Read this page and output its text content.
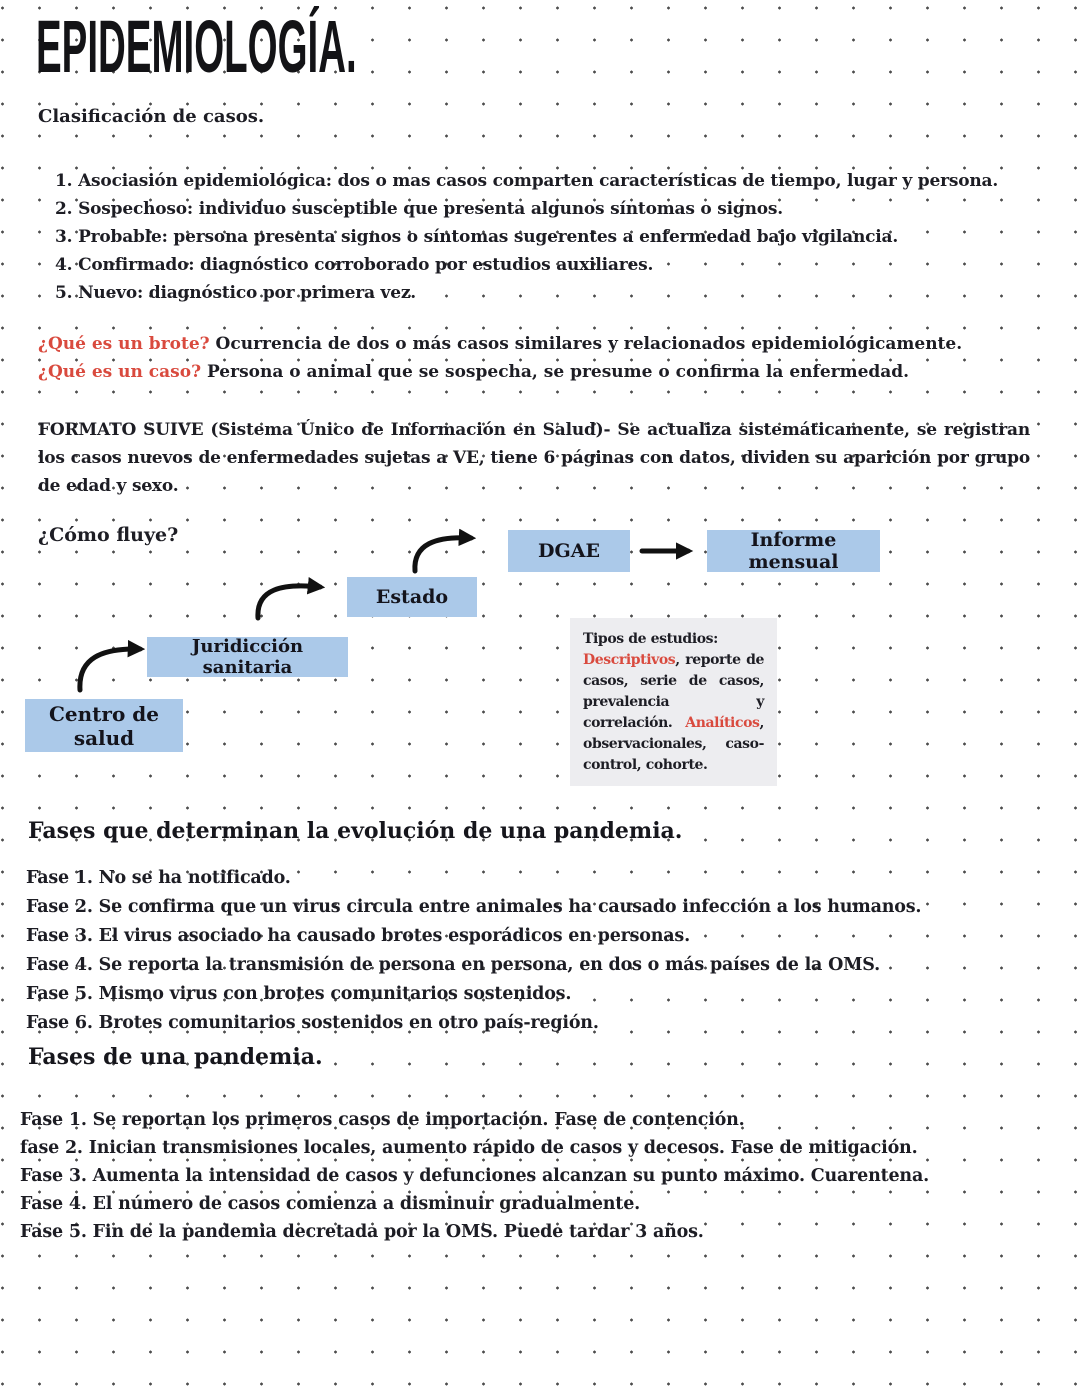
EPIDEMIOLOGÍA.
Clasificación de casos.
1. Asociasión epidemiológica: dos o mas casos comparten características de tiempo, lugar y persona.
2. Sospechoso: individuo susceptible que presenta algunos síntomas o signos.
3. Probable: persona presenta signos o síntomas sugerentes a enfermedad bajo vigilancia.
4. Confirmado: diagnóstico corroborado por estudios auxiliares.
5. Nuevo: diagnóstico por primera vez.
¿Qué es un brote? Ocurrencia de dos o más casos similares y relacionados epidemiológicamente.
¿Qué es un caso? Persona o animal que se sospecha, se presume o confirma la enfermedad.
FORMATO SUIVE (Sistema Único de Información en Salud)- Se actualiza sistemáticamente, se registran los casos nuevos de enfermedades sujetas a VE, tiene 6 páginas con datos, dividen su aparición por grupo de edad y sexo.
¿Cómo fluye?
Centro de salud
Juridicción sanitaria
Estado
DGAE	Informe mensual
Tipos de estudios:
Descriptivos, reporte de casos, serie de casos, prevalencia y correlación. Analíticos, observacionales, caso-control, cohorte.
Fases que determinan la evolución de una pandemia.
Fase 1. No se ha notificado.
Fase 2. Se confirma que un virus circula entre animales ha causado infección a los humanos.
Fase 3. El virus asociado ha causado brotes esporádicos en personas.
Fase 4. Se reporta la transmisión de persona en persona, en dos o más países de la OMS.
Fase 5. Mismo virus con brotes comunitarios sostenidos.
Fase 6. Brotes comunitarios sostenidos en otro país-región.
Fases de una pandemia.
Fase 1. Se reportan los primeros casos de importación. Fase de contención.
fase 2. Inician transmisiones locales, aumento rápido de casos y decesos. Fase de mitigación.
Fase 3. Aumenta la intensidad de casos y defunciones alcanzan su punto máximo. Cuarentena.
Fase 4. El número de casos comienza a disminuir gradualmente.
Fase 5. Fin de la pandemia decretada por la OMS. Puede tardar 3 años.
